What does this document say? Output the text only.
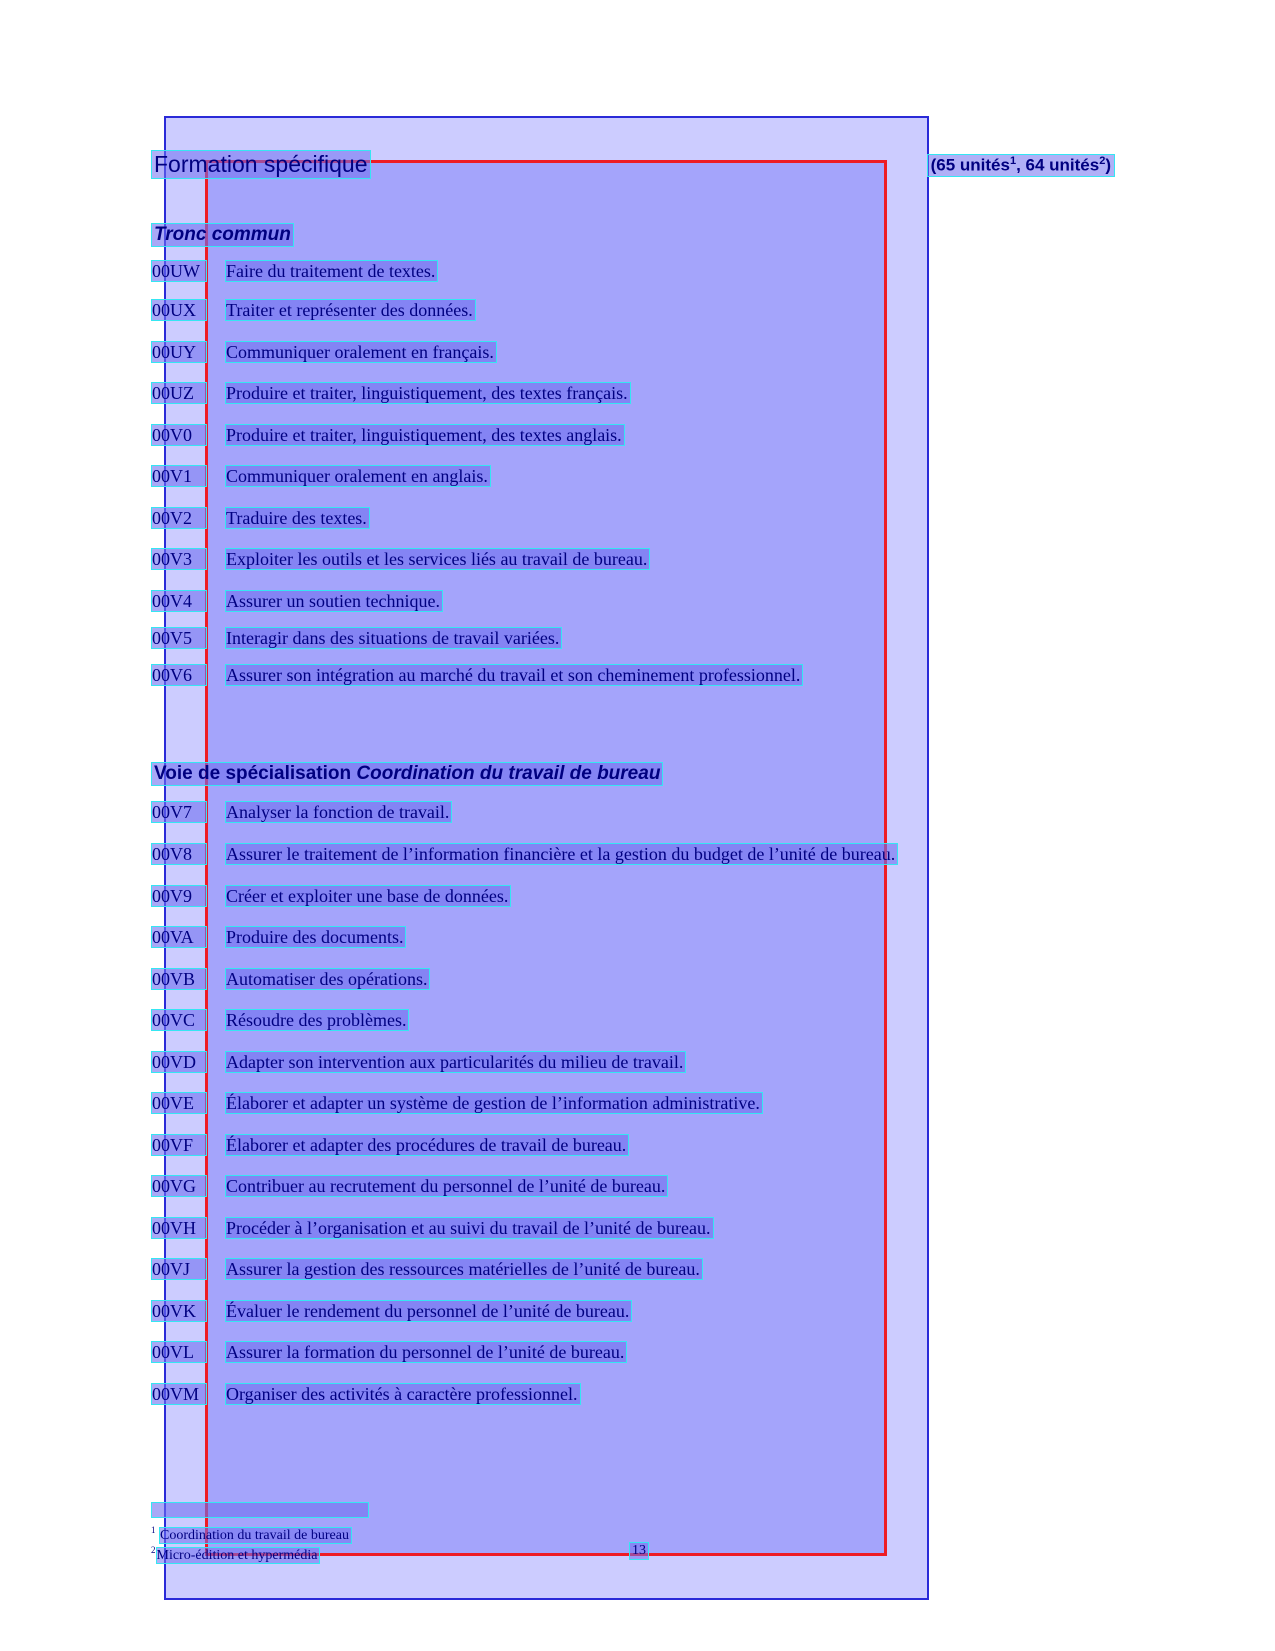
Formation spécifique	(65 unités$^1$, 64 unités$^2$)
Tronc commun
00UW	Faire du traitement de textes.
00UX	Traiter et représenter des données.
00UY	Communiquer oralement en français.
00UZ	Produire et traiter, linguistiquement, des textes français.
00V0	Produire et traiter, linguistiquement, des textes anglais.
00V1	Communiquer oralement en anglais.
00V2	Traduire des textes.
00V3	Exploiter les outils et les services liés au travail de bureau.
00V4	Assurer un soutien technique.
00V5	Interagir dans des situations de travail variées.
00V6	Assurer son intégration au marché du travail et son cheminement professionnel.
Voie de spécialisation Coordination du travail de bureau
00V7	Analyser la fonction de travail.
00V8	Assurer le traitement de l’information financière et la gestion du budget de l’unité de bureau.
00V9	Créer et exploiter une base de données.
00VA	Produire des documents.
00VB	Automatiser des opérations.
00VC	Résoudre des problèmes.
00VD	Adapter son intervention aux particularités du milieu de travail.
00VE	Élaborer et adapter un système de gestion de l’information administrative.
00VF	Élaborer et adapter des procédures de travail de bureau.
00VG	Contribuer au recrutement du personnel de l’unité de bureau.
00VH	Procéder à l’organisation et au suivi du travail de l’unité de bureau.
00VJ	Assurer la gestion des ressources matérielles de l’unité de bureau.
00VK	Évaluer le rendement du personnel de l’unité de bureau.
00VL	Assurer la formation du personnel de l’unité de bureau.
00VM	Organiser des activités à caractère professionnel.
$^1$ Coordination du travail de bureau
$^2$Micro-édition et hypermédia	13
